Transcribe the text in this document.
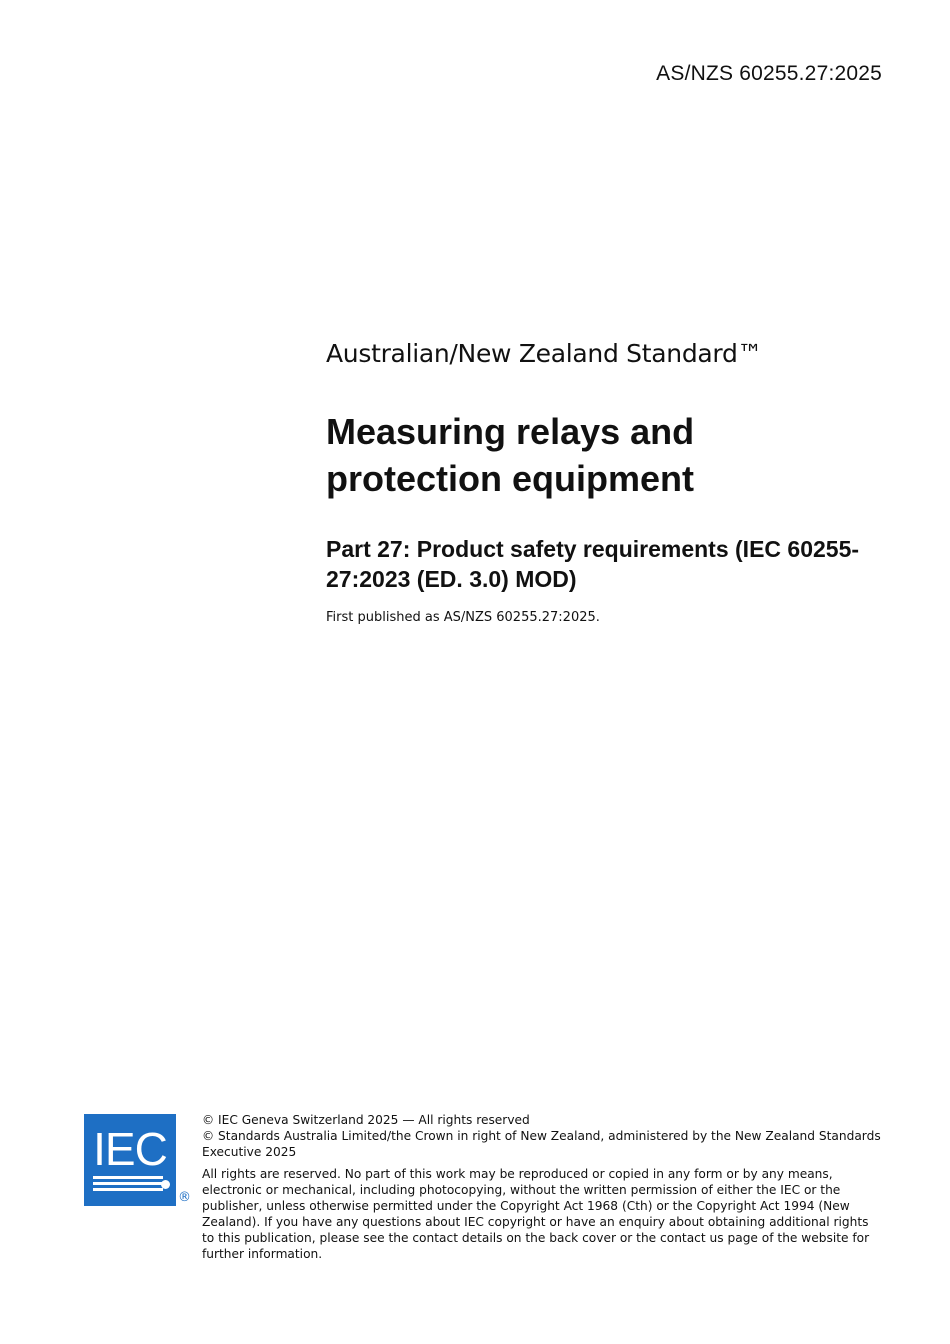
AS/NZS 60255.27:2025
Australian/New Zealand Standard™
Measuring relays and
protection equipment
Part 27: Product safety requirements (IEC 60255-
27:2023 (ED. 3.0) MOD)

First published as AS/NZS 60255.27:2025.

IEC
®

© IEC Geneva Switzerland 2025 — All rights reserved

© Standards Australia Limited/the Crown in right of New Zealand, administered by the New Zealand Standards Executive 2025

All rights are reserved. No part of this work may be reproduced or copied in any form or by any means, electronic or mechanical, including photocopying, without the written permission of either the IEC or the publisher, unless otherwise permitted under the Copyright Act 1968 (Cth) or the Copyright Act 1994 (New Zealand). If you have any questions about IEC copyright or have an enquiry about obtaining additional rights to this publication, please see the contact details on the back cover or the contact us page of the website for further information.
